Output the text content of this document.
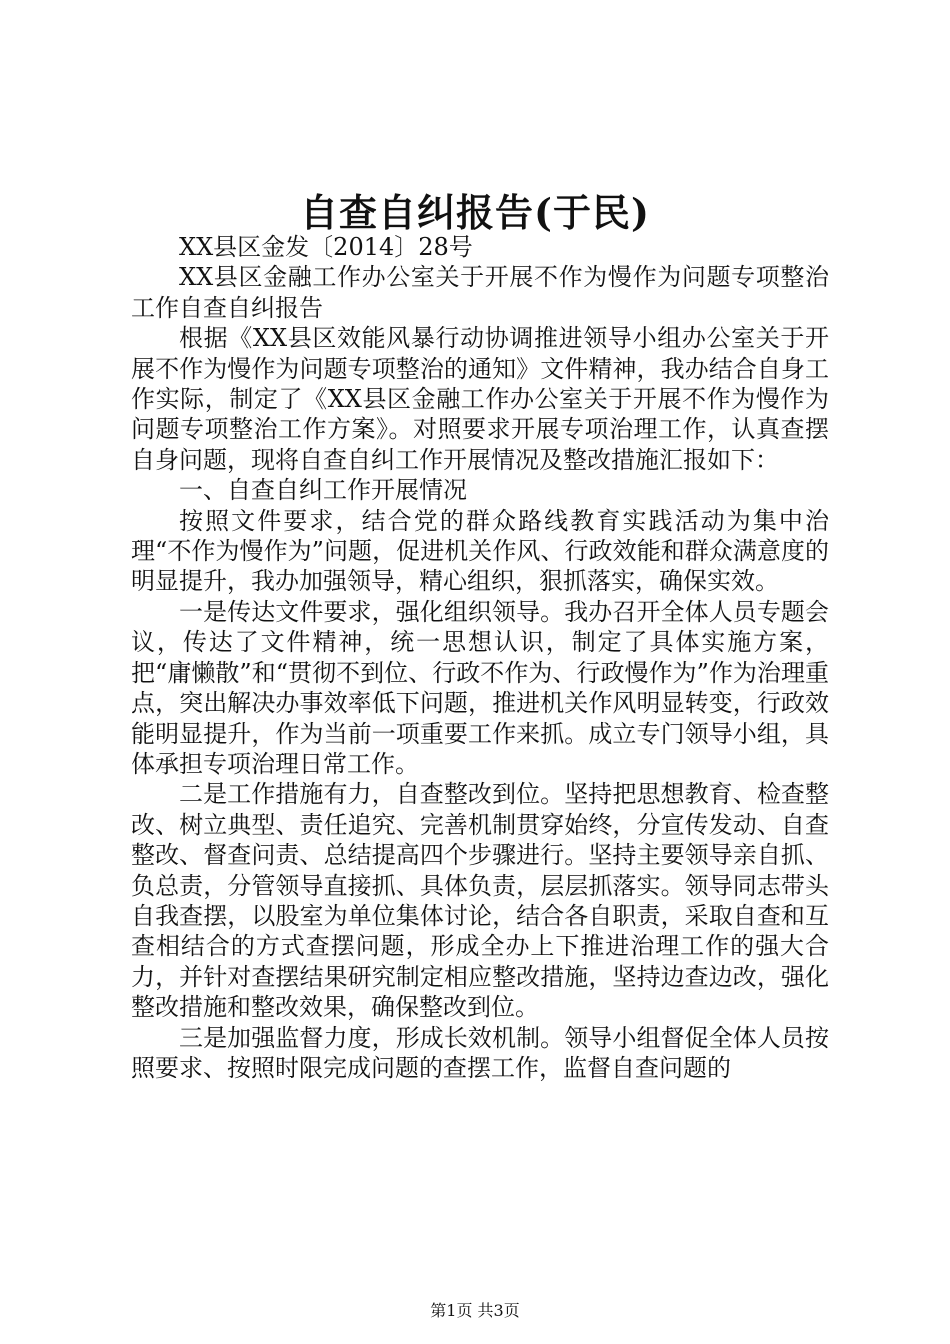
自查自纠报告(于民)

XX县区金发〔2014〕28号

XX县区金融工作办公室关于开展不作为慢作为问题专项整治工作自查自纠报告

根据《XX县区效能风暴行动协调推进领导小组办公室关于开展不作为慢作为问题专项整治的通知》文件精神，我办结合自身工作实际，制定了《XX县区金融工作办公室关于开展不作为慢作为问题专项整治工作方案》。对照要求开展专项治理工作，认真查摆自身问题，现将自查自纠工作开展情况及整改措施汇报如下：

一、自查自纠工作开展情况

按照文件要求，结合党的群众路线教育实践活动为集中治理“不作为慢作为”问题，促进机关作风、行政效能和群众满意度的明显提升，我办加强领导，精心组织，狠抓落实，确保实效。

一是传达文件要求，强化组织领导。我办召开全体人员专题会议，传达了文件精神，统一思想认识，制定了具体实施方案，把“庸懒散”和“贯彻不到位、行政不作为、行政慢作为”作为治理重点，突出解决办事效率低下问题，推进机关作风明显转变，行政效能明显提升，作为当前一项重要工作来抓。成立专门领导小组，具体承担专项治理日常工作。

二是工作措施有力，自查整改到位。坚持把思想教育、检查整改、树立典型、责任追究、完善机制贯穿始终，分宣传发动、自查整改、督查问责、总结提高四个步骤进行。坚持主要领导亲自抓、负总责，分管领导直接抓、具体负责，层层抓落实。领导同志带头自我查摆，以股室为单位集体讨论，结合各自职责，采取自查和互查相结合的方式查摆问题，形成全办上下推进治理工作的强大合力，并针对查摆结果研究制定相应整改措施，坚持边查边改，强化整改措施和整改效果，确保整改到位。

三是加强监督力度，形成长效机制。领导小组督促全体人员按照要求、按照时限完成问题的查摆工作，监督自查问题的

第1页 共3页
